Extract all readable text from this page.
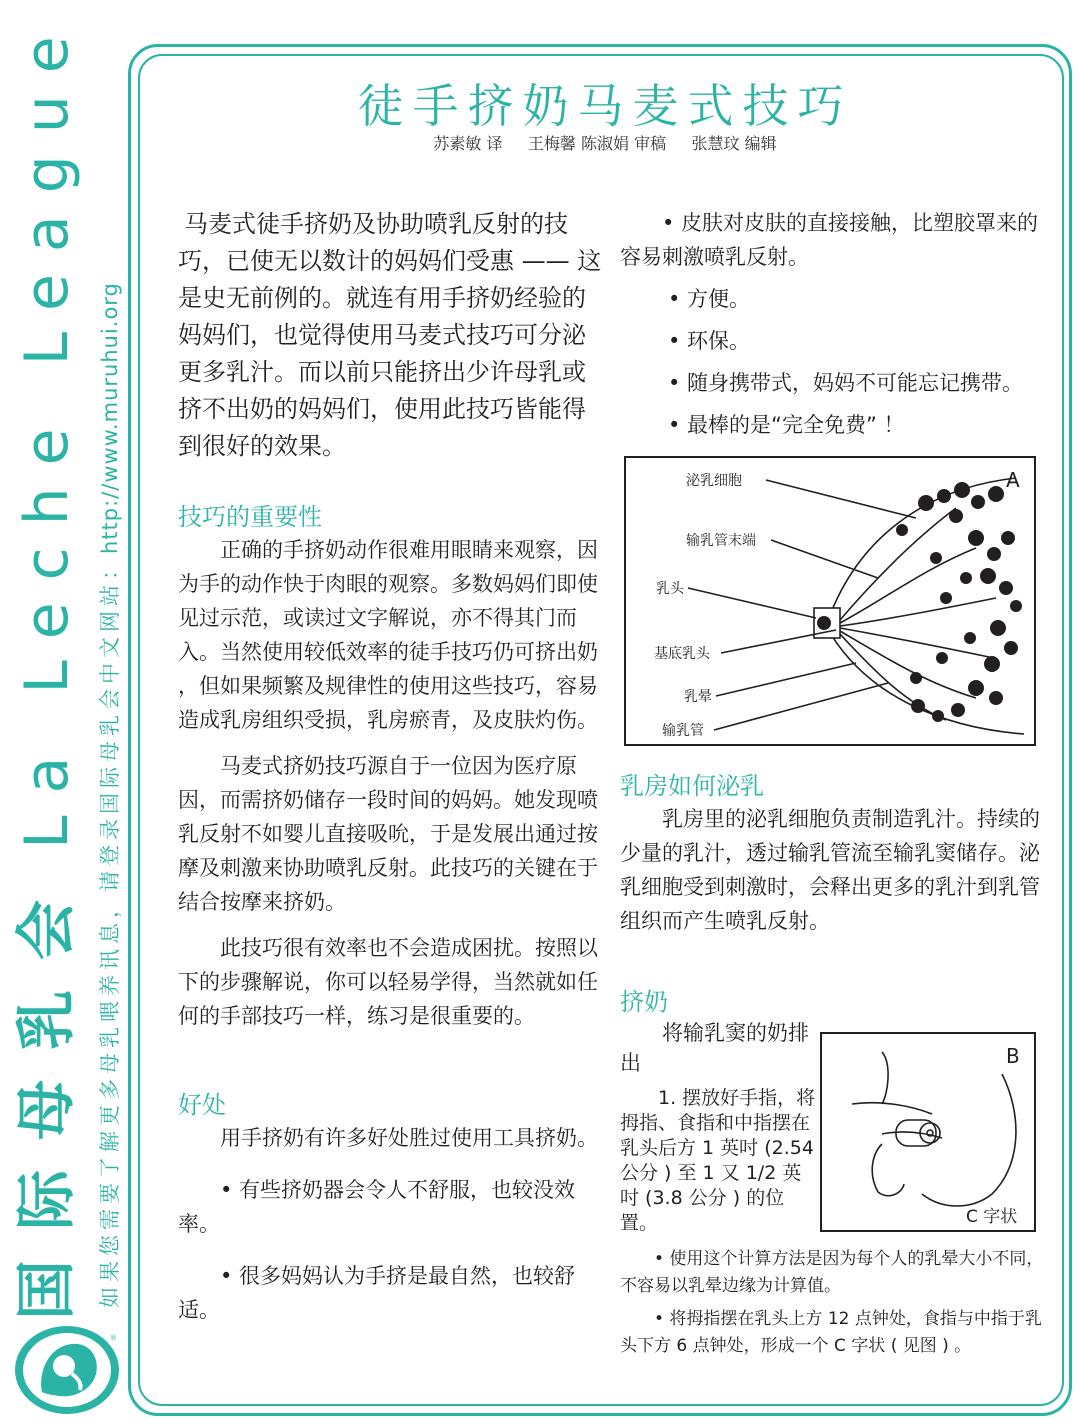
国际母乳会 La Leche League
如果您需要了解更多母乳喂养讯息，请登录国际母乳会中文网站：http://www.muruhui.org
®
徒手挤奶马麦式技巧
苏素敏 译     王梅馨 陈淑娟 审稿     张慧玟 编辑

马麦式徒手挤奶及协助喷乳反射的技巧，已使无以数计的妈妈们受惠 —— 这是史无前例的。就连有用手挤奶经验的妈妈们，也觉得使用马麦式技巧可分泌更多乳汁。而以前只能挤出少许母乳或挤不出奶的妈妈们，使用此技巧皆能得到很好的效果。

技巧的重要性

正确的手挤奶动作很难用眼睛来观察，因为手的动作快于肉眼的观察。多数妈妈们即使见过示范，或读过文字解说，亦不得其门而入。当然使用较低效率的徒手技巧仍可挤出奶 ，但如果频繁及规律性的使用这些技巧，容易造成乳房组织受损，乳房瘀青，及皮肤灼伤。

马麦式挤奶技巧源自于一位因为医疗原因，而需挤奶储存一段时间的妈妈。她发现喷乳反射不如婴儿直接吸吮，于是发展出通过按摩及刺激来协助喷乳反射。此技巧的关键在于结合按摩来挤奶。

此技巧很有效率也不会造成困扰。按照以下的步骤解说，你可以轻易学得，当然就如任何的手部技巧一样，练习是很重要的。

好处

用手挤奶有许多好处胜过使用工具挤奶。

• 有些挤奶器会令人不舒服，也较没效率。

• 很多妈妈认为手挤是最自然，也较舒适。

• 皮肤对皮肤的直接接触，比塑胶罩来的容易刺激喷乳反射。

• 方便。

• 环保。

• 随身携带式，妈妈不可能忘记携带。

• 最棒的是“完全免费” ！

A
泌乳细胞
输乳管末端
乳头
基底乳头
乳晕
输乳管

乳房如何泌乳

乳房里的泌乳细胞负责制造乳汁。持续的少量的乳汁，透过输乳管流至输乳窦储存。泌乳细胞受到刺激时，会释出更多的乳汁到乳管组织而产生喷乳反射。

挤奶

将输乳窦的奶排出

1. 摆放好手指，将拇指、食指和中指摆在乳头后方 1 英吋 (2.54 公分 ) 至 1 又 1/2 英吋 (3.8 公分 ) 的位置。

B
C 字状

• 使用这个计算方法是因为每个人的乳晕大小不同，不容易以乳晕边缘为计算值。

• 将拇指摆在乳头上方 12 点钟处，食指与中指于乳头下方 6 点钟处，形成一个 C 字状 ( 见图 ) 。
